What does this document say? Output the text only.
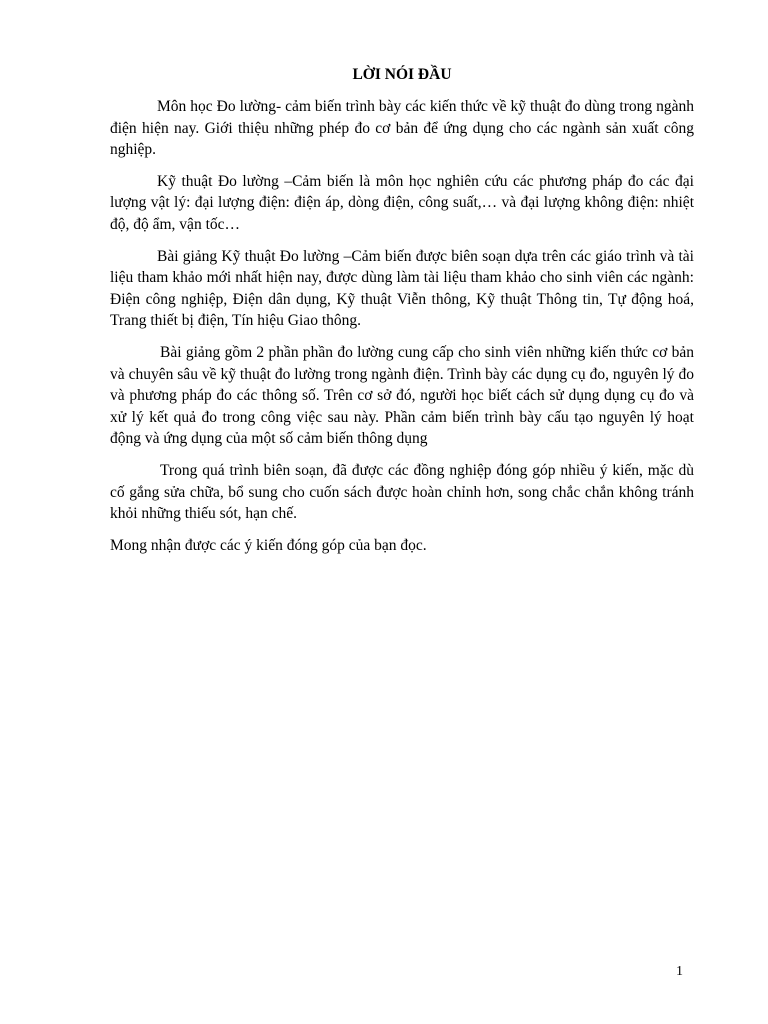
LỜI NÓI ĐẦU

Môn học Đo lường- cảm biến trình bày các kiến thức về kỹ thuật đo dùng trong ngành điện hiện nay. Giới thiệu những phép đo cơ bản để ứng dụng cho các ngành sản xuất công nghiệp.

Kỹ thuật Đo lường –Cảm biến là môn học nghiên cứu các phương pháp đo các đại lượng vật lý: đại lượng điện: điện áp, dòng điện, công suất,… và đại lượng không điện: nhiệt độ, độ ẩm, vận tốc…

Bài giảng Kỹ thuật Đo lường –Cảm biến được biên soạn dựa trên các giáo trình và tài liệu tham khảo mới nhất hiện nay, được dùng làm tài liệu tham khảo cho sinh viên các ngành: Điện công nghiệp, Điện dân dụng, Kỹ thuật Viễn thông, Kỹ thuật Thông tin, Tự động hoá, Trang thiết bị điện, Tín hiệu Giao thông.

Bài giảng gồm 2 phần phần đo lường cung cấp cho sinh viên những kiến thức cơ bản và chuyên sâu về kỹ thuật đo lường trong ngành điện. Trình bày các dụng cụ đo, nguyên lý đo và phương pháp đo các thông số. Trên cơ sở đó, người học biết cách sử dụng dụng cụ đo và xử lý kết quả đo trong công việc sau này. Phần cảm biến trình bày cấu tạo nguyên lý hoạt động và ứng dụng của một số cảm biến thông dụng

Trong quá trình biên soạn, đã được các đồng nghiệp đóng góp nhiều ý kiến, mặc dù cố gắng sửa chữa, bổ sung cho cuốn sách được hoàn chỉnh hơn, song chắc chắn không tránh khỏi những thiếu sót, hạn chế.

Mong nhận được các ý kiến đóng góp của bạn đọc.

1
